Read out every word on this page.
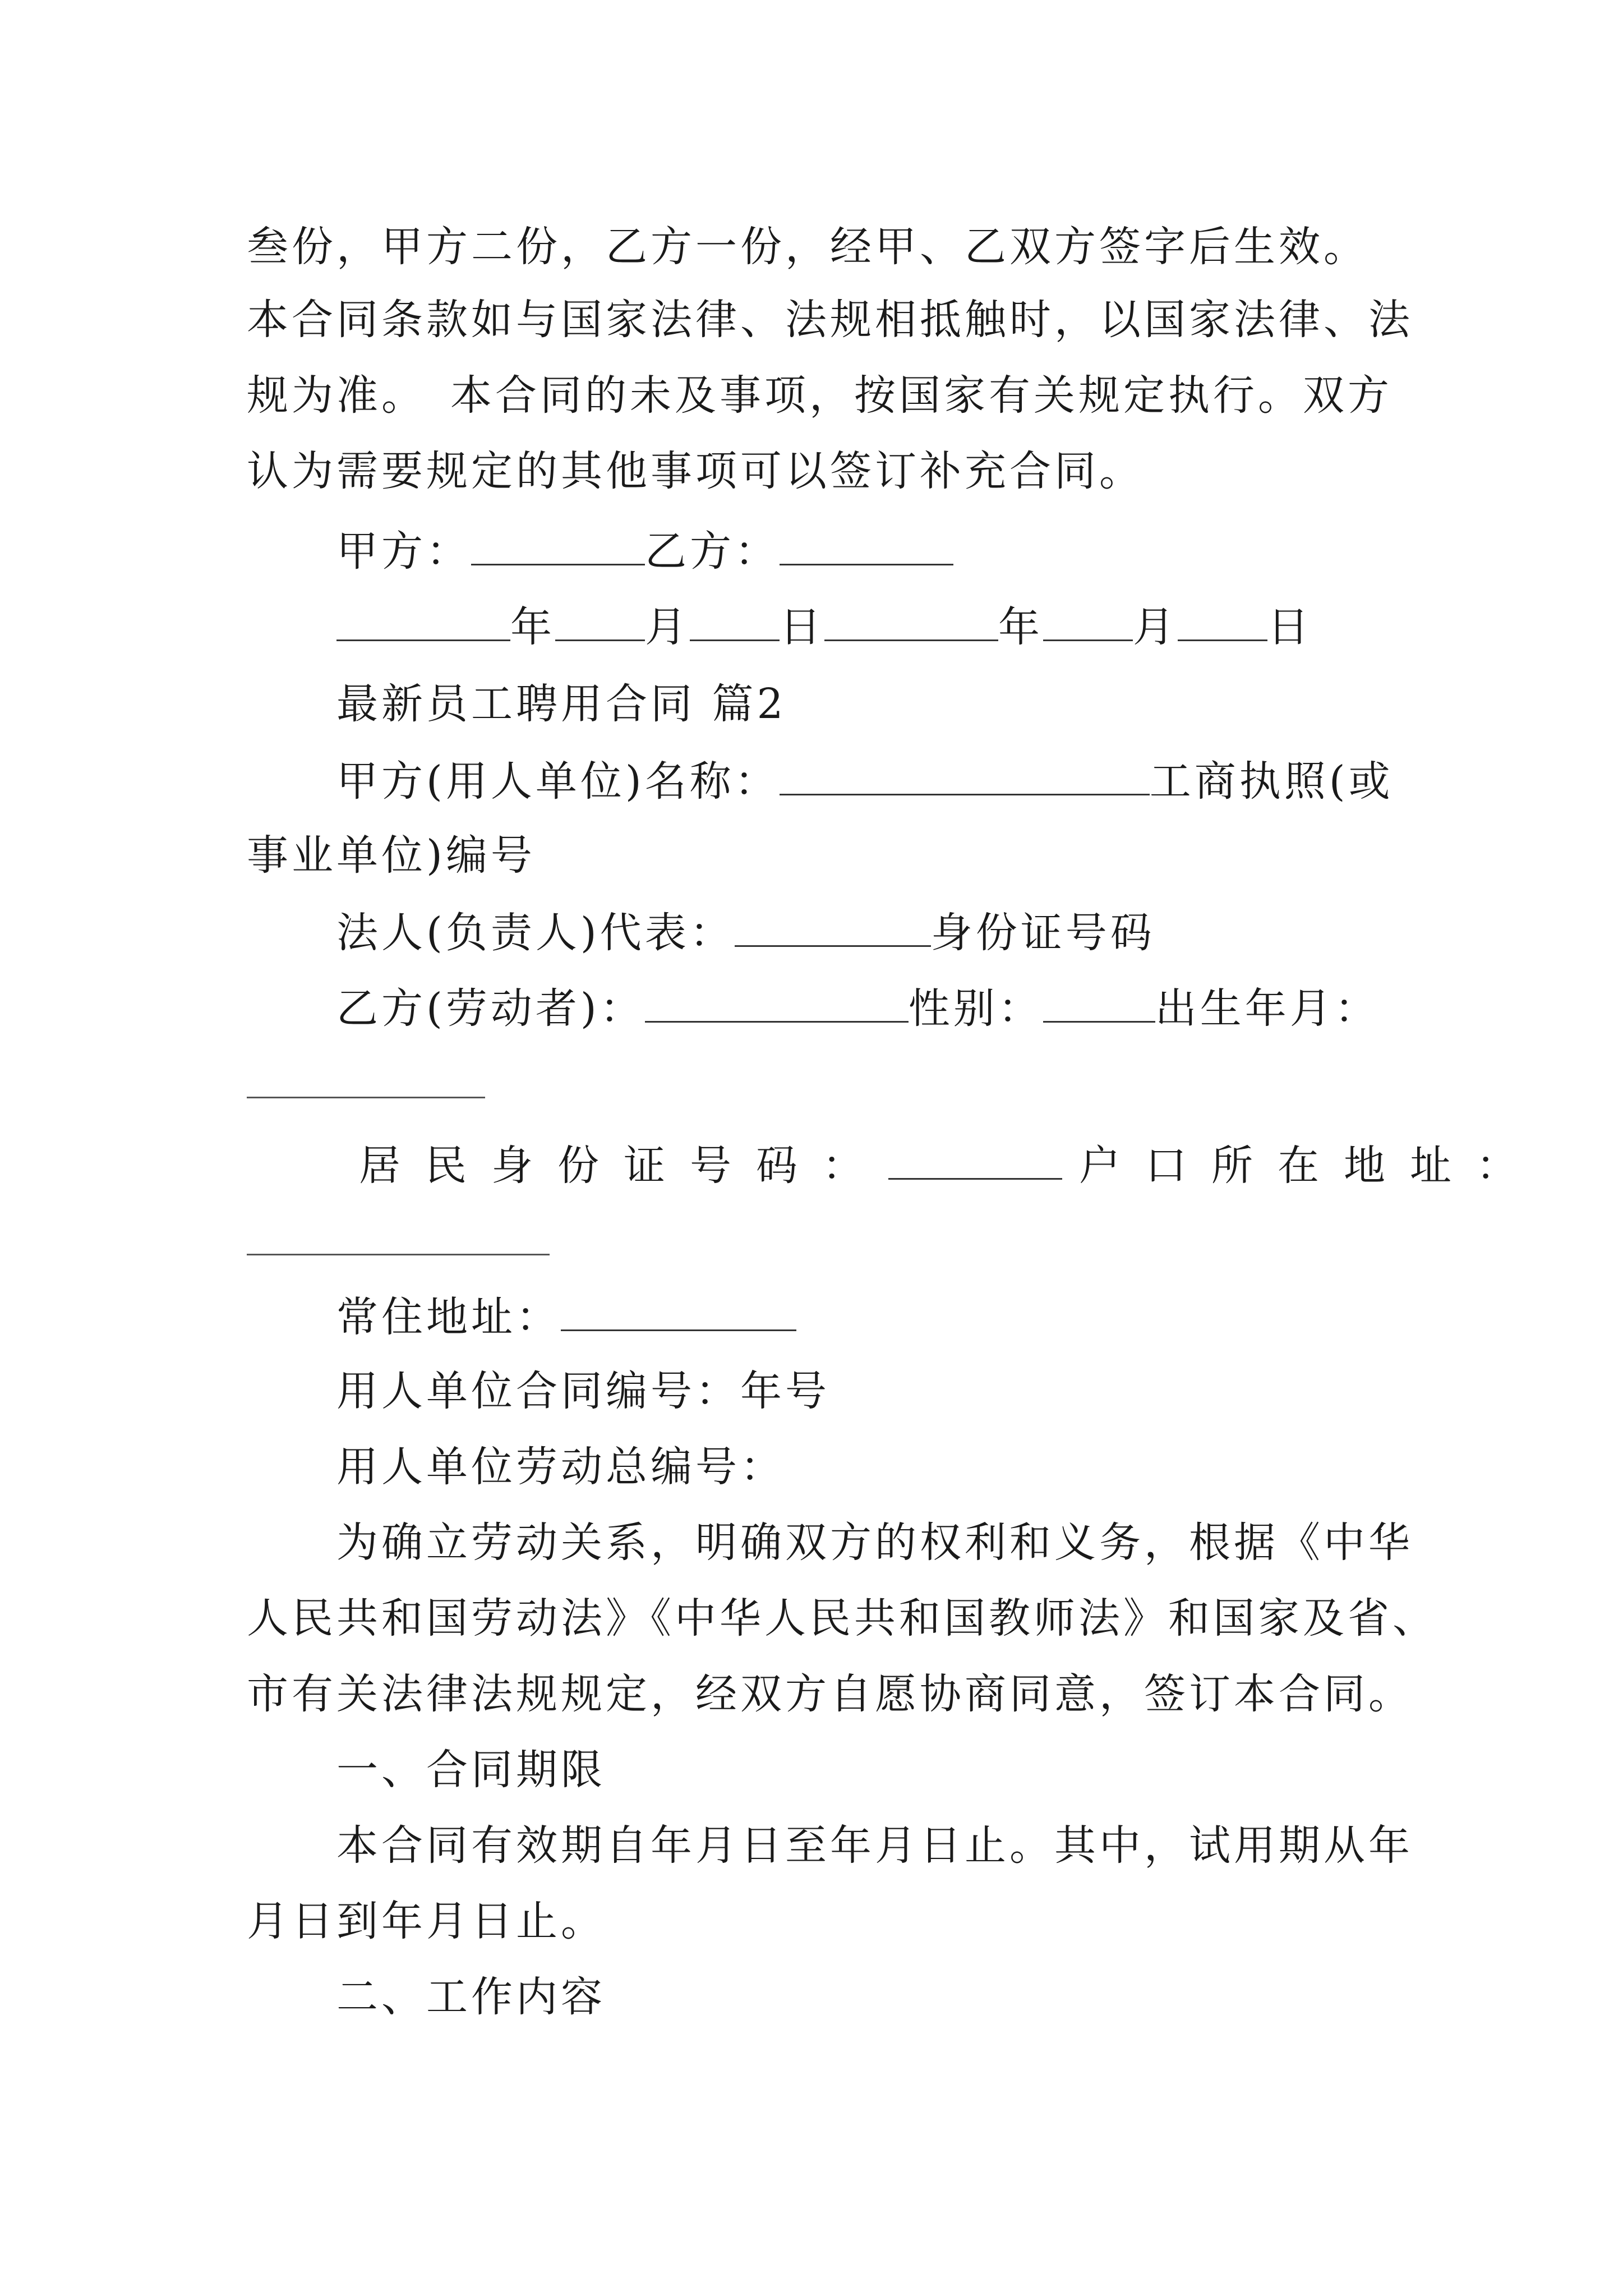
叁份，甲方二份，乙方一份，经甲、乙双方签字后生效。
本合同条款如与国家法律、法规相抵触时，以国家法律、法
规为准。　本合同的未及事项，按国家有关规定执行。双方
认为需要规定的其他事项可以签订补充合同。
甲方：	乙方：
年 月 日	年 月 日
最新员工聘用合同 篇2
甲方(用人单位)名称：	工商执照(或
事业单位)编号
法人(负责人)代表：	身份证号码
乙方(劳动者)：	性别：	出生年月：
居民身份证号码：	户口所在地址：
常住地址：
用人单位合同编号：年号
用人单位劳动总编号：
为确立劳动关系，明确双方的权利和义务，根据《中华
人民共和国劳动法》《中华人民共和国教师法》和国家及省、
市有关法律法规规定，经双方自愿协商同意，签订本合同。
一、合同期限
本合同有效期自年月日至年月日止。其中，试用期从年
月日到年月日止。
二、工作内容
